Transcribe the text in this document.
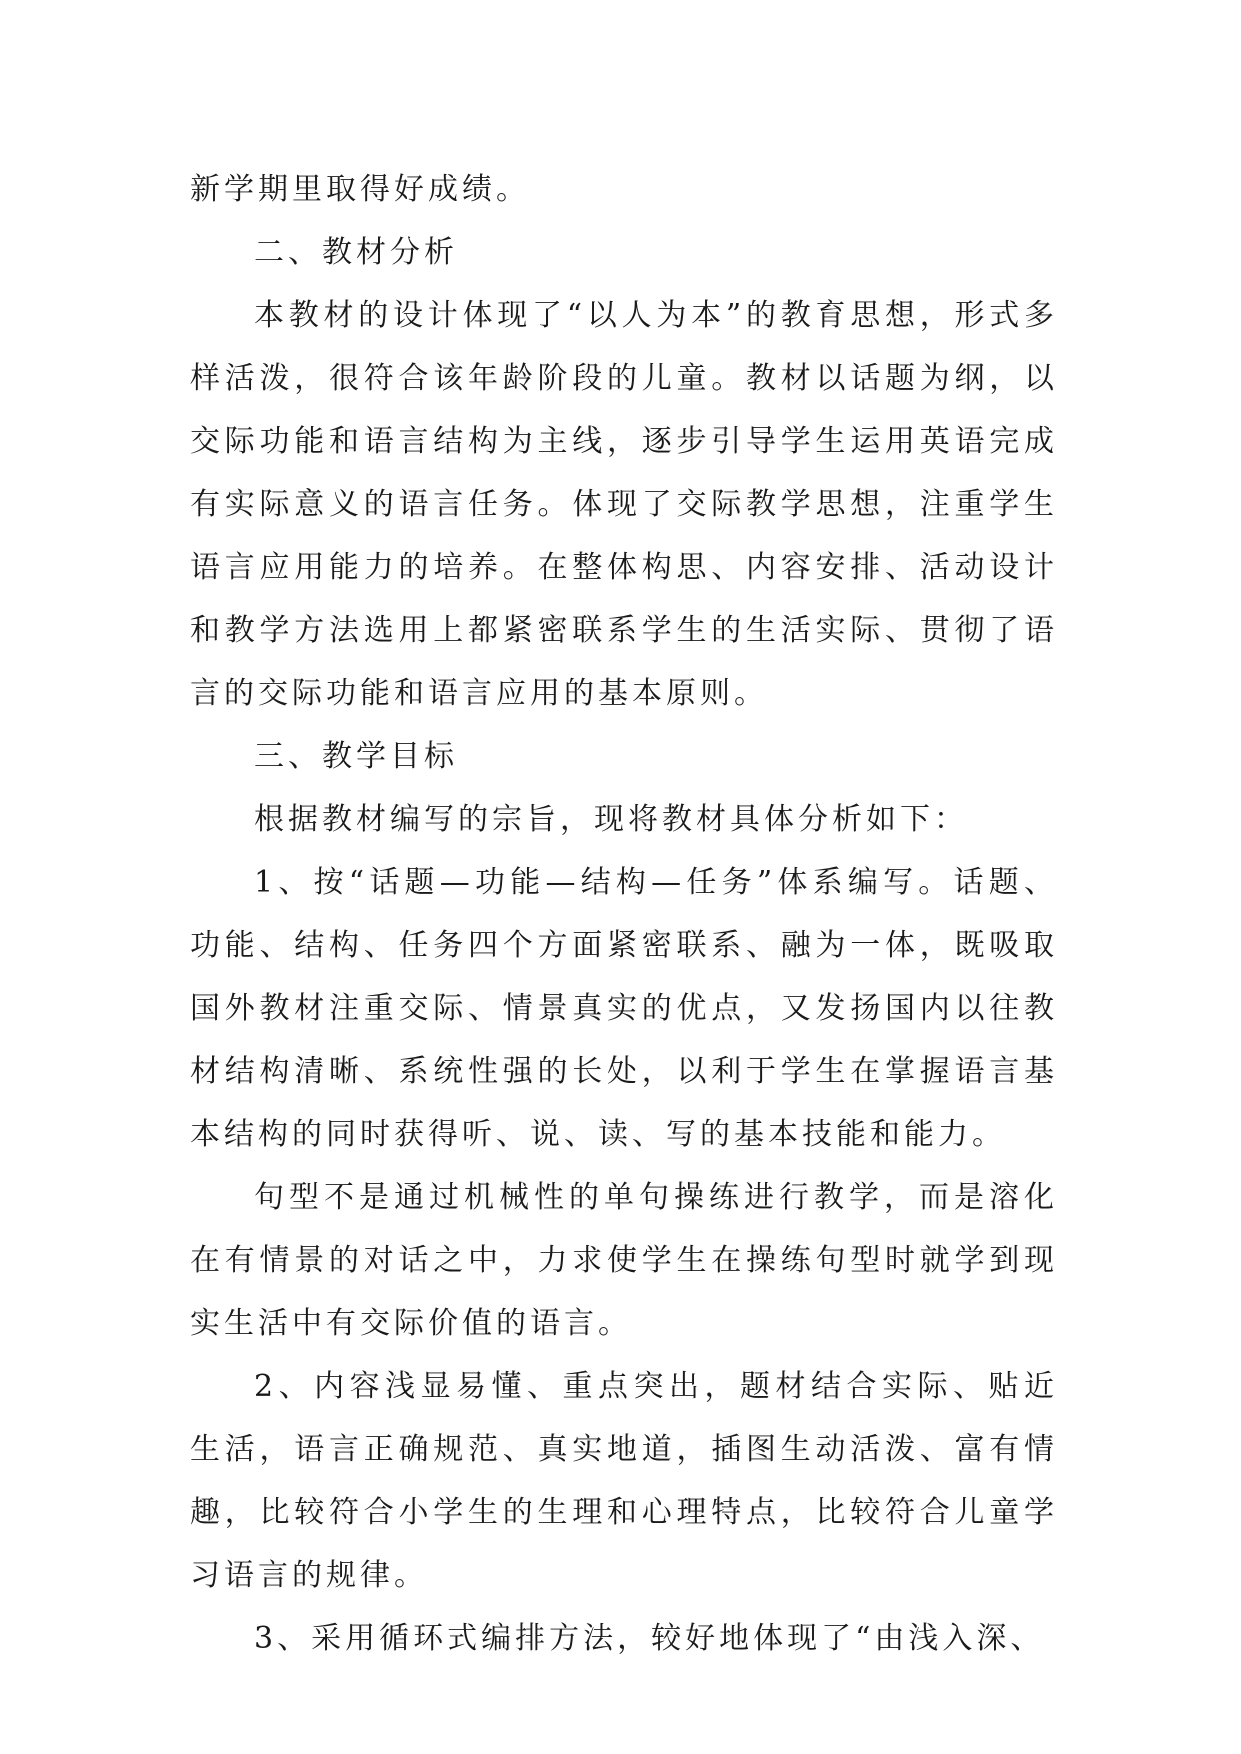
新学期里取得好成绩。

二、教材分析

本教材的设计体现了“以人为本”的教育思想，形式多样活泼，很符合该年龄阶段的儿童。教材以话题为纲，以交际功能和语言结构为主线，逐步引导学生运用英语完成有实际意义的语言任务。体现了交际教学思想，注重学生语言应用能力的培养。在整体构思、内容安排、活动设计和教学方法选用上都紧密联系学生的生活实际、贯彻了语言的交际功能和语言应用的基本原则。

三、教学目标

根据教材编写的宗旨，现将教材具体分析如下：

1、按“话题—功能—结构—任务”体系编写。话题、功能、结构、任务四个方面紧密联系、融为一体，既吸取国外教材注重交际、情景真实的优点，又发扬国内以往教材结构清晰、系统性强的长处，以利于学生在掌握语言基本结构的同时获得听、说、读、写的基本技能和能力。

句型不是通过机械性的单句操练进行教学，而是溶化在有情景的对话之中，力求使学生在操练句型时就学到现实生活中有交际价值的语言。

2、内容浅显易懂、重点突出，题材结合实际、贴近生活，语言正确规范、真实地道，插图生动活泼、富有情趣，比较符合小学生的生理和心理特点，比较符合儿童学习语言的规律。

3、采用循环式编排方法，较好地体现了“由浅入深、
